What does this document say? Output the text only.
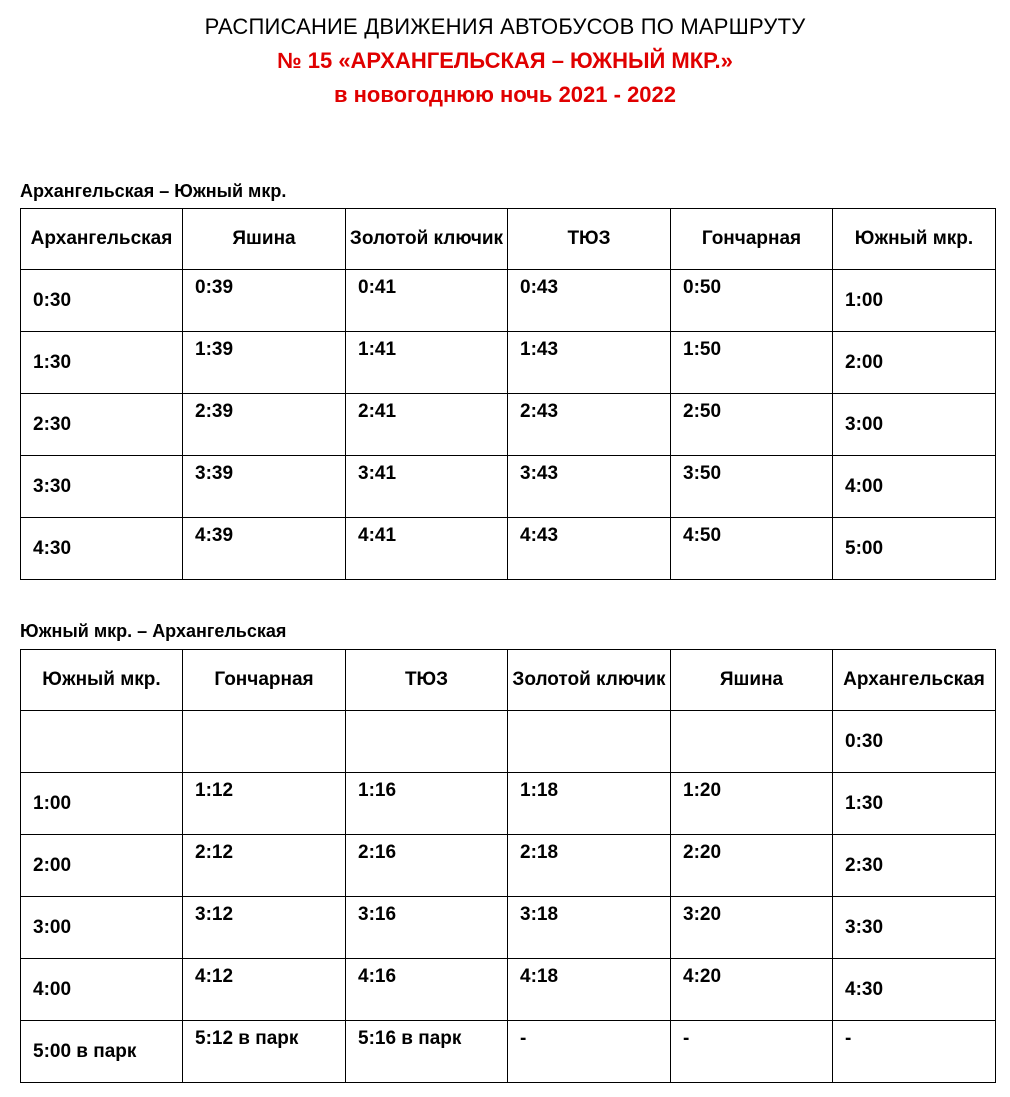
РАСПИСАНИЕ ДВИЖЕНИЯ АВТОБУСОВ ПО МАРШРУТУ
№ 15 «АРХАНГЕЛЬСКАЯ – ЮЖНЫЙ МКР.»
в новогоднюю ночь 2021 - 2022
Архангельская – Южный мкр.
Архангельская	Яшина	Золотой ключик	ТЮЗ	Гончарная	Южный мкр.
0:30	0:39	0:41	0:43	0:50	1:00
1:30	1:39	1:41	1:43	1:50	2:00
2:30	2:39	2:41	2:43	2:50	3:00
3:30	3:39	3:41	3:43	3:50	4:00
4:30	4:39	4:41	4:43	4:50	5:00
Южный мкр. – Архангельская
Южный мкр.	Гончарная	ТЮЗ	Золотой ключик	Яшина	Архангельская
					0:30
1:00	1:12	1:16	1:18	1:20	1:30
2:00	2:12	2:16	2:18	2:20	2:30
3:00	3:12	3:16	3:18	3:20	3:30
4:00	4:12	4:16	4:18	4:20	4:30
5:00 в парк	5:12 в парк	5:16 в парк	-	-	-
